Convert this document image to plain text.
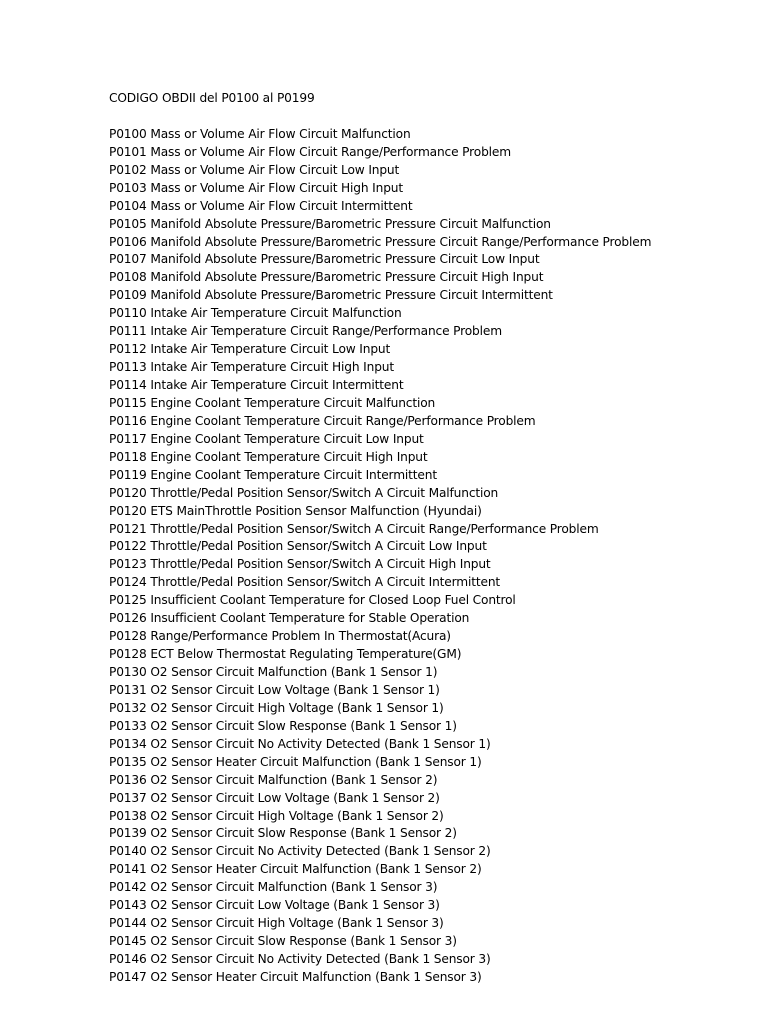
CODIGO OBDII del P0100 al P0199
P0100 Mass or Volume Air Flow Circuit Malfunction
P0101 Mass or Volume Air Flow Circuit Range/Performance Problem
P0102 Mass or Volume Air Flow Circuit Low Input
P0103 Mass or Volume Air Flow Circuit High Input
P0104 Mass or Volume Air Flow Circuit Intermittent
P0105 Manifold Absolute Pressure/Barometric Pressure Circuit Malfunction
P0106 Manifold Absolute Pressure/Barometric Pressure Circuit Range/Performance Problem
P0107 Manifold Absolute Pressure/Barometric Pressure Circuit Low Input
P0108 Manifold Absolute Pressure/Barometric Pressure Circuit High Input
P0109 Manifold Absolute Pressure/Barometric Pressure Circuit Intermittent
P0110 Intake Air Temperature Circuit Malfunction
P0111 Intake Air Temperature Circuit Range/Performance Problem
P0112 Intake Air Temperature Circuit Low Input
P0113 Intake Air Temperature Circuit High Input
P0114 Intake Air Temperature Circuit Intermittent
P0115 Engine Coolant Temperature Circuit Malfunction
P0116 Engine Coolant Temperature Circuit Range/Performance Problem
P0117 Engine Coolant Temperature Circuit Low Input
P0118 Engine Coolant Temperature Circuit High Input
P0119 Engine Coolant Temperature Circuit Intermittent
P0120 Throttle/Pedal Position Sensor/Switch A Circuit Malfunction
P0120 ETS MainThrottle Position Sensor Malfunction (Hyundai)
P0121 Throttle/Pedal Position Sensor/Switch A Circuit Range/Performance Problem
P0122 Throttle/Pedal Position Sensor/Switch A Circuit Low Input
P0123 Throttle/Pedal Position Sensor/Switch A Circuit High Input
P0124 Throttle/Pedal Position Sensor/Switch A Circuit Intermittent
P0125 Insufficient Coolant Temperature for Closed Loop Fuel Control
P0126 Insufficient Coolant Temperature for Stable Operation
P0128 Range/Performance Problem In Thermostat(Acura)
P0128 ECT Below Thermostat Regulating Temperature(GM)
P0130 O2 Sensor Circuit Malfunction (Bank 1 Sensor 1)
P0131 O2 Sensor Circuit Low Voltage (Bank 1 Sensor 1)
P0132 O2 Sensor Circuit High Voltage (Bank 1 Sensor 1)
P0133 O2 Sensor Circuit Slow Response (Bank 1 Sensor 1)
P0134 O2 Sensor Circuit No Activity Detected (Bank 1 Sensor 1)
P0135 O2 Sensor Heater Circuit Malfunction (Bank 1 Sensor 1)
P0136 O2 Sensor Circuit Malfunction (Bank 1 Sensor 2)
P0137 O2 Sensor Circuit Low Voltage (Bank 1 Sensor 2)
P0138 O2 Sensor Circuit High Voltage (Bank 1 Sensor 2)
P0139 O2 Sensor Circuit Slow Response (Bank 1 Sensor 2)
P0140 O2 Sensor Circuit No Activity Detected (Bank 1 Sensor 2)
P0141 O2 Sensor Heater Circuit Malfunction (Bank 1 Sensor 2)
P0142 O2 Sensor Circuit Malfunction (Bank 1 Sensor 3)
P0143 O2 Sensor Circuit Low Voltage (Bank 1 Sensor 3)
P0144 O2 Sensor Circuit High Voltage (Bank 1 Sensor 3)
P0145 O2 Sensor Circuit Slow Response (Bank 1 Sensor 3)
P0146 O2 Sensor Circuit No Activity Detected (Bank 1 Sensor 3)
P0147 O2 Sensor Heater Circuit Malfunction (Bank 1 Sensor 3)
